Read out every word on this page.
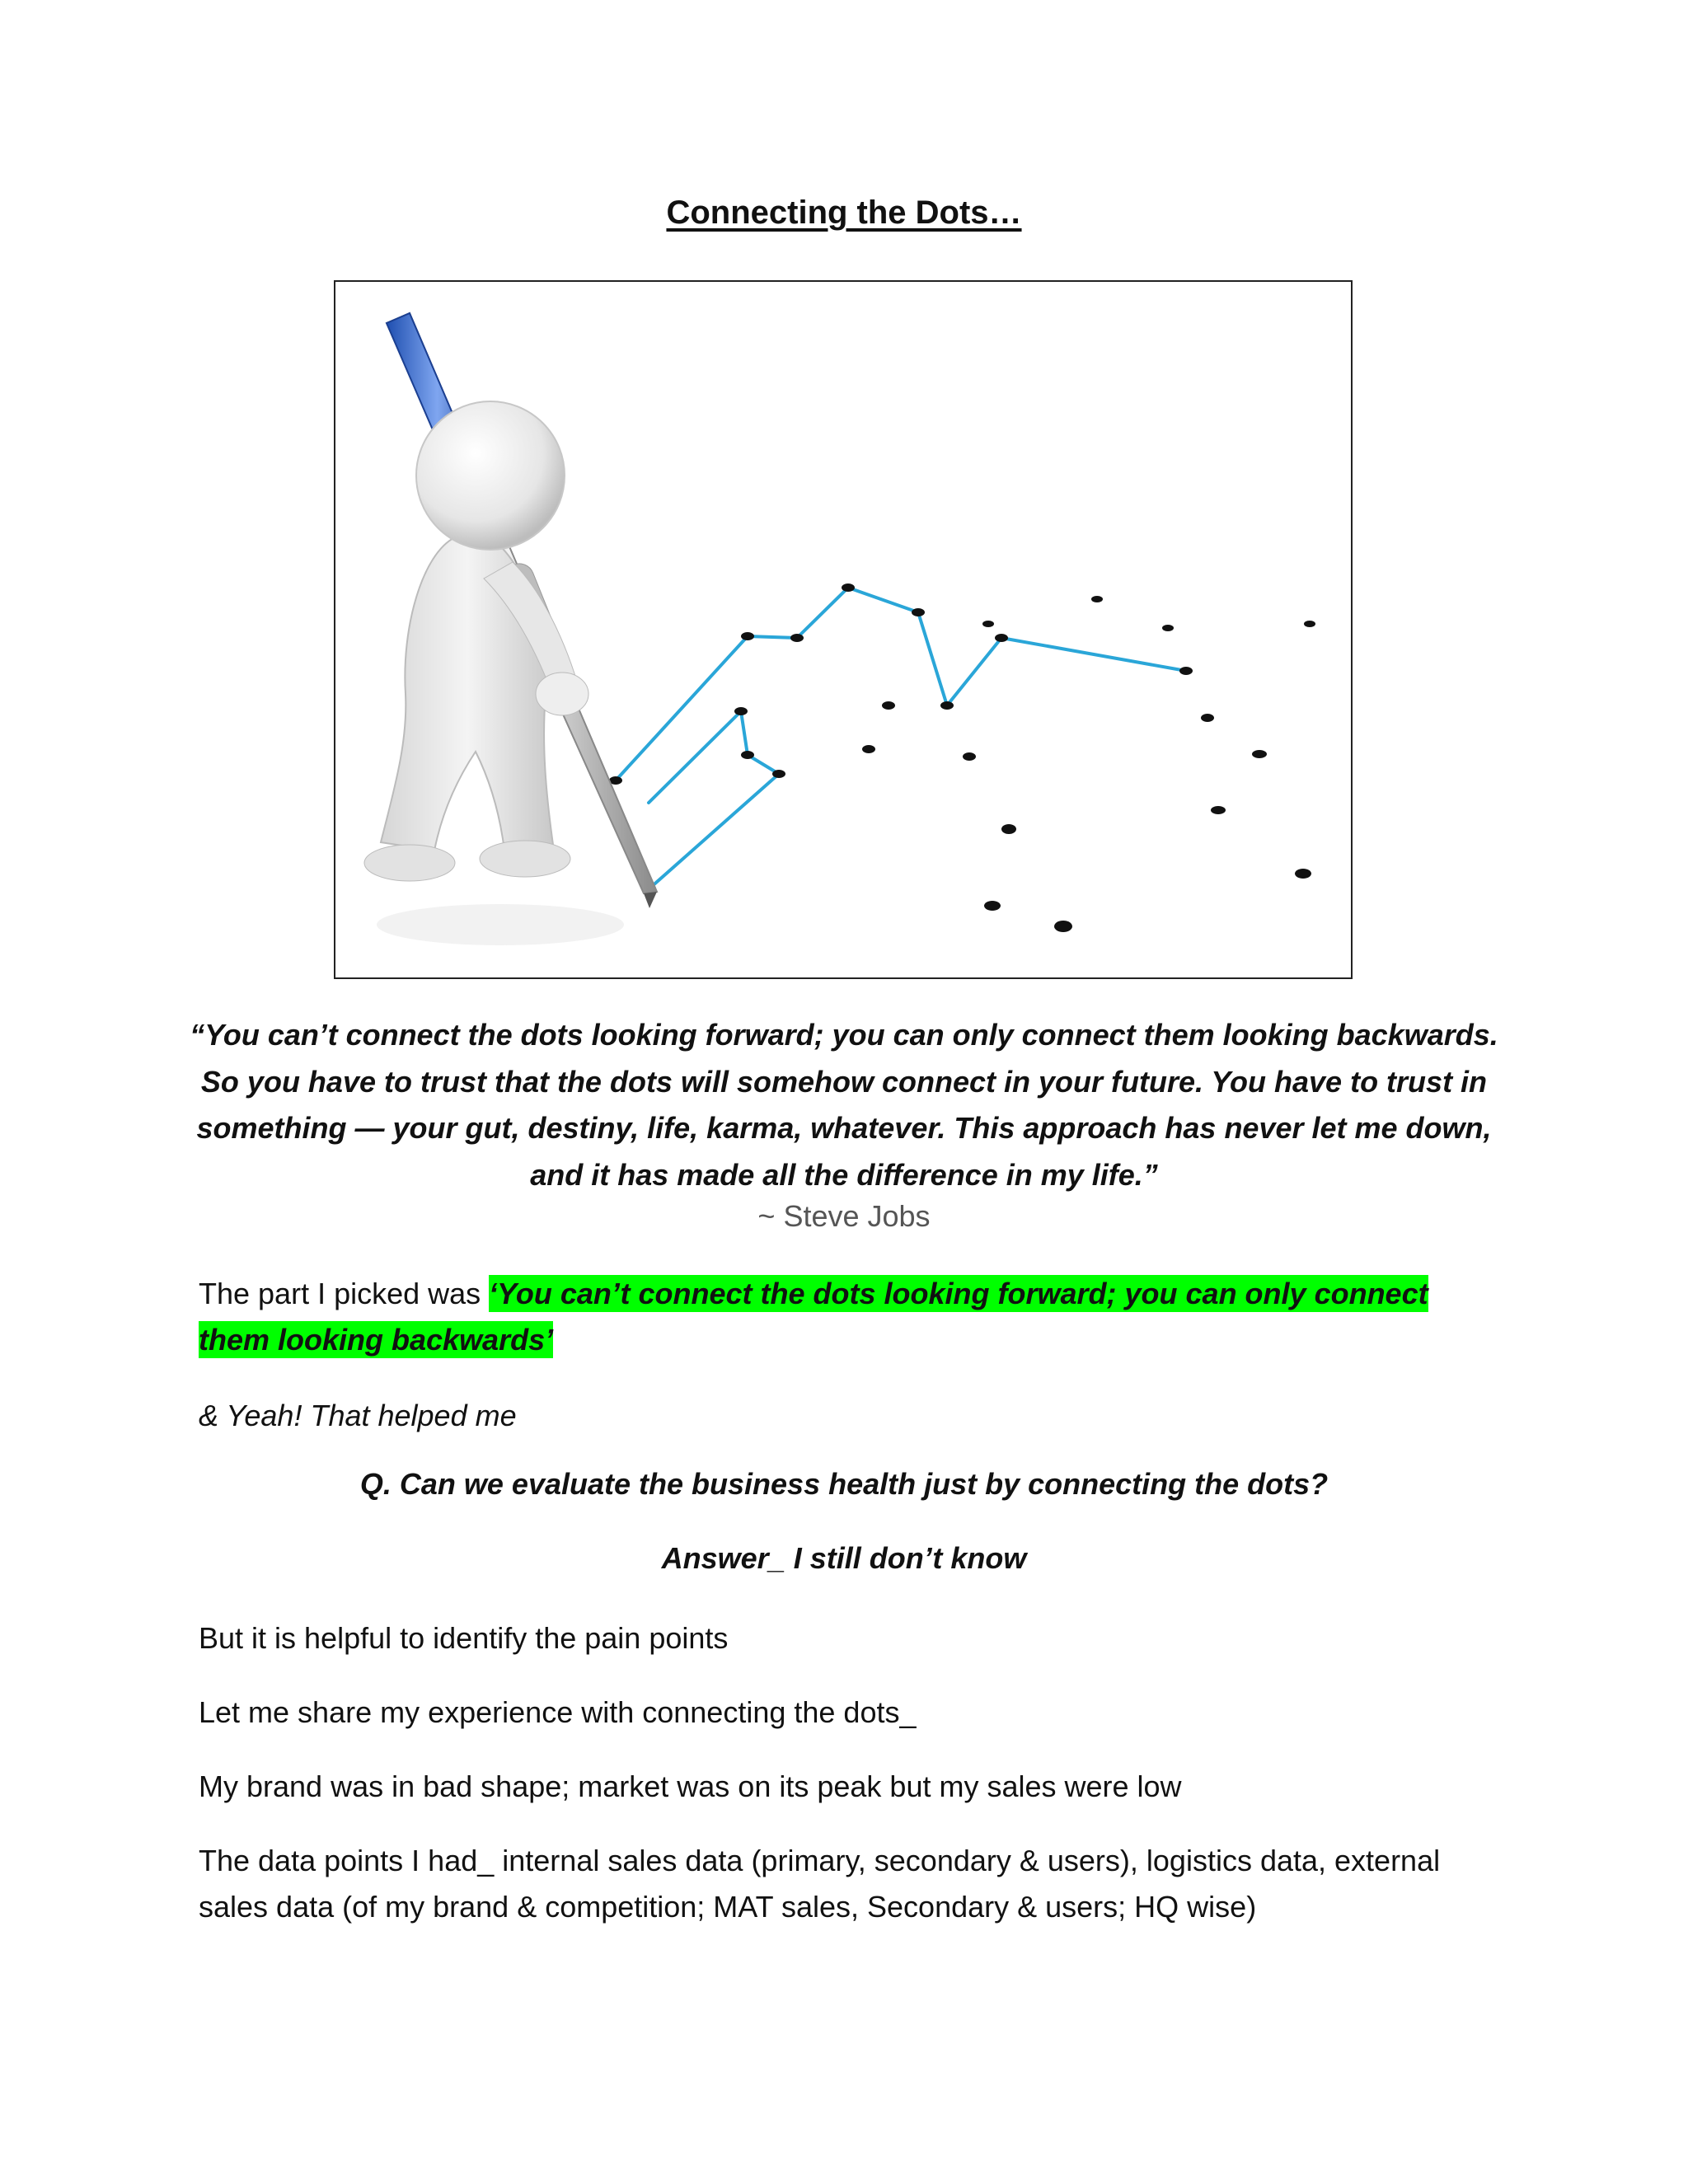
Connecting the Dots…
“You can’t connect the dots looking forward; you can only connect them looking backwards. So you have to trust that the dots will somehow connect in your future. You have to trust in something — your gut, destiny, life, karma, whatever. This approach has never let me down, and it has made all the difference in my life.”
~ Steve Jobs
The part I picked was ‘You can’t connect the dots looking forward; you can only connect them looking backwards’
& Yeah! That helped me
Q. Can we evaluate the business health just by connecting the dots?
Answer_ I still don’t know
But it is helpful to identify the pain points
Let me share my experience with connecting the dots_
My brand was in bad shape; market was on its peak but my sales were low
The data points I had_ internal sales data (primary, secondary & users), logistics data, external sales data (of my brand & competition; MAT sales, Secondary & users; HQ wise)
